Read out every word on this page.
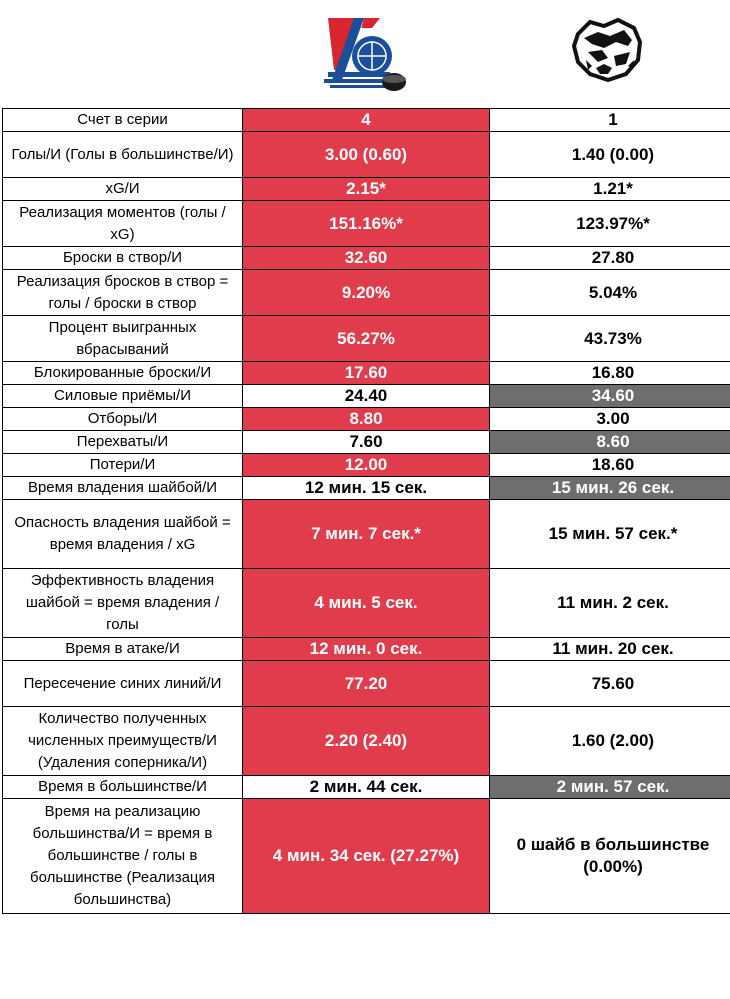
Счет в серии	4	1
Голы/И (Голы в большинстве/И)	3.00 (0.60)	1.40 (0.00)
xG/И	2.15*	1.21*
Реализация моментов (голы / xG)	151.16%*	123.97%*
Броски в створ/И	32.60	27.80
Реализация бросков в створ = голы / броски в створ	9.20%	5.04%
Процент выигранных вбрасываний	56.27%	43.73%
Блокированные броски/И	17.60	16.80
Силовые приёмы/И	24.40	34.60
Отборы/И	8.80	3.00
Перехваты/И	7.60	8.60
Потери/И	12.00	18.60
Время владения шайбой/И	12 мин. 15 сек.	15 мин. 26 сек.
Опасность владения шайбой = время владения / xG	7 мин. 7 сек.*	15 мин. 57 сек.*
Эффективность владения шайбой = время владения / голы	4 мин. 5 сек.	11 мин. 2 сек.
Время в атаке/И	12 мин. 0 сек.	11 мин. 20 сек.
Пересечение синих линий/И	77.20	75.60
Количество полученных численных преимуществ/И (Удаления соперника/И)	2.20 (2.40)	1.60 (2.00)
Время в большинстве/И	2 мин. 44 сек.	2 мин. 57 сек.
Время на реализацию большинства/И = время в большинстве / голы в большинстве (Реализация большинства)	4 мин. 34 сек. (27.27%)	0 шайб в большинстве (0.00%)
